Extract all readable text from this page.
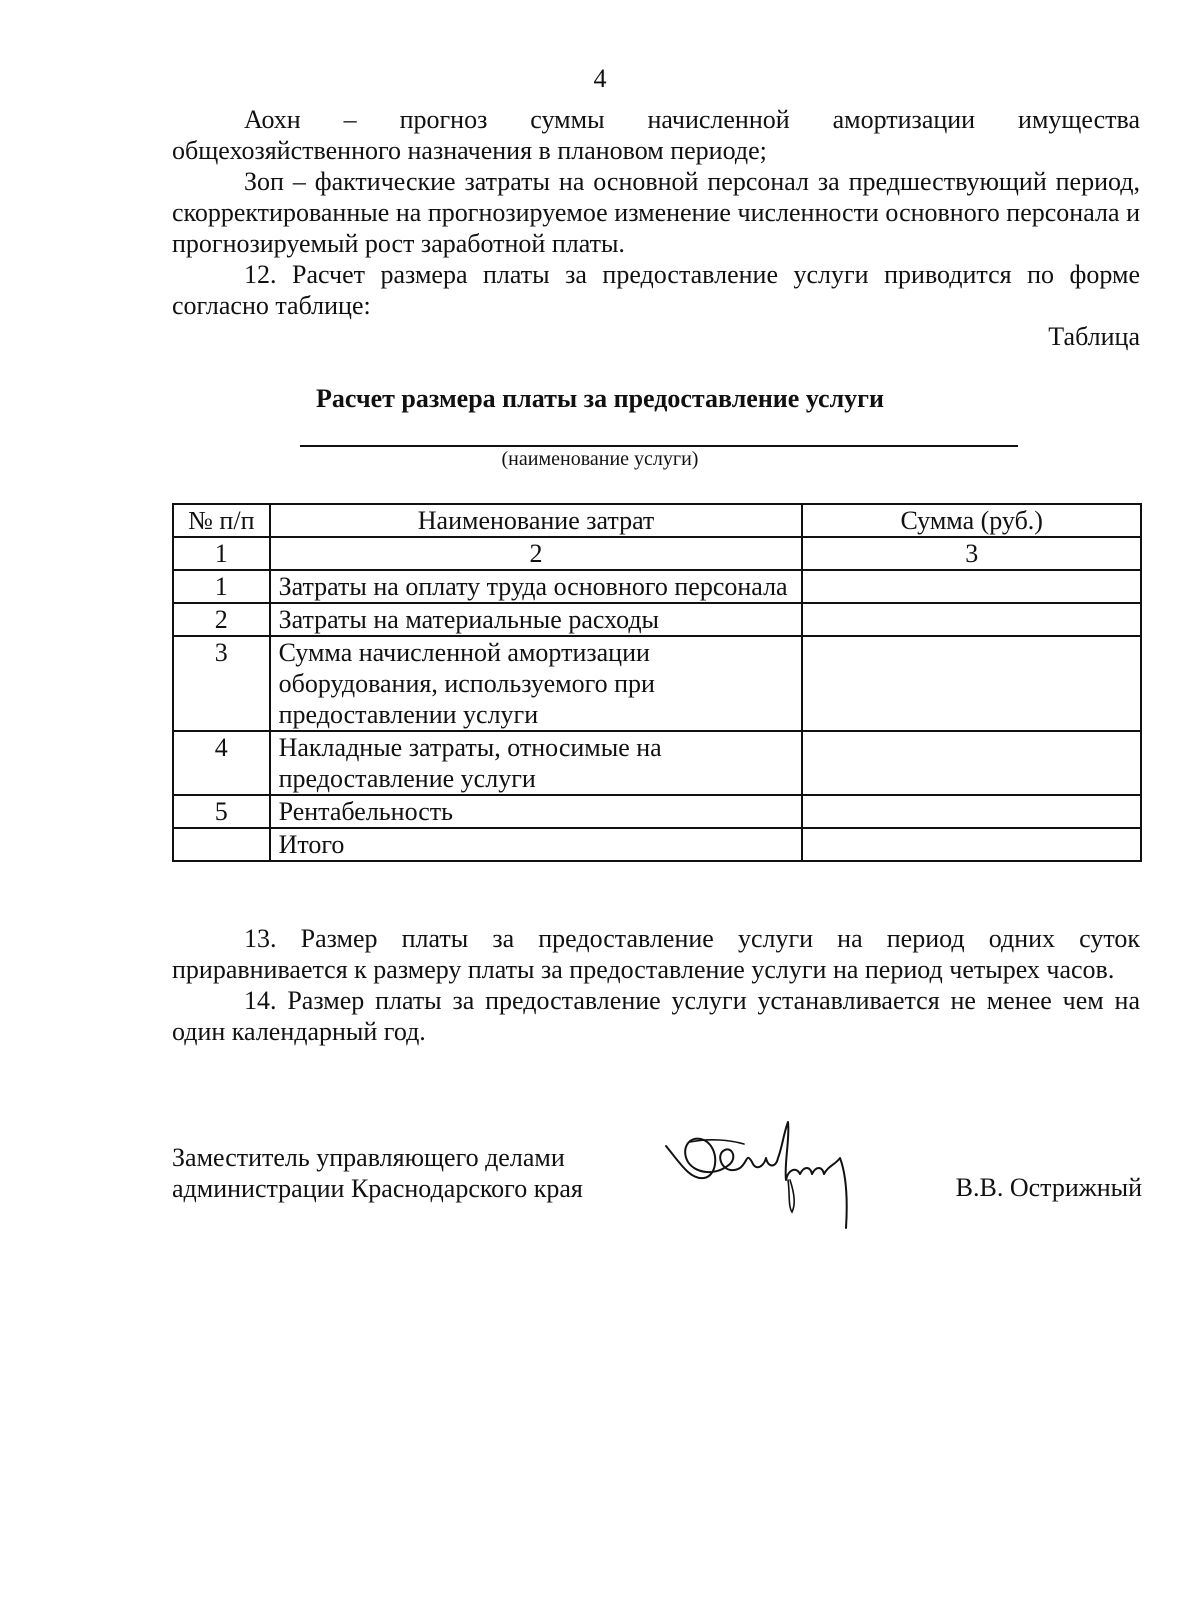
4

Аохн – прогноз суммы начисленной амортизации имущества общехозяйственного назначения в плановом периоде;

Зоп – фактические затраты на основной персонал за предшествующий период, скорректированные на прогнозируемое изменение численности основного персонала и прогнозируемый рост заработной платы.

12. Расчет размера платы за предоставление услуги приводится по форме согласно таблице:

Таблица
Расчет размера платы за предоставление услуги
(наименование услуги)
№ п/п	Наименование затрат	Сумма (руб.)
1	2	3
1	Затраты на оплату труда основного персонала	
2	Затраты на материальные расходы	
3	Сумма начисленной амортизации оборудования, используемого при предоставлении услуги	
4	Накладные затраты, относимые на предоставление услуги	
5	Рентабельность	
	Итого	

13. Размер платы за предоставление услуги на период одних суток приравнивается к размеру платы за предоставление услуги на период четырех часов.

14. Размер платы за предоставление услуги устанавливается не менее чем на один календарный год.

Заместитель управляющего делами
администрации Краснодарского края	В.В. Острижный
